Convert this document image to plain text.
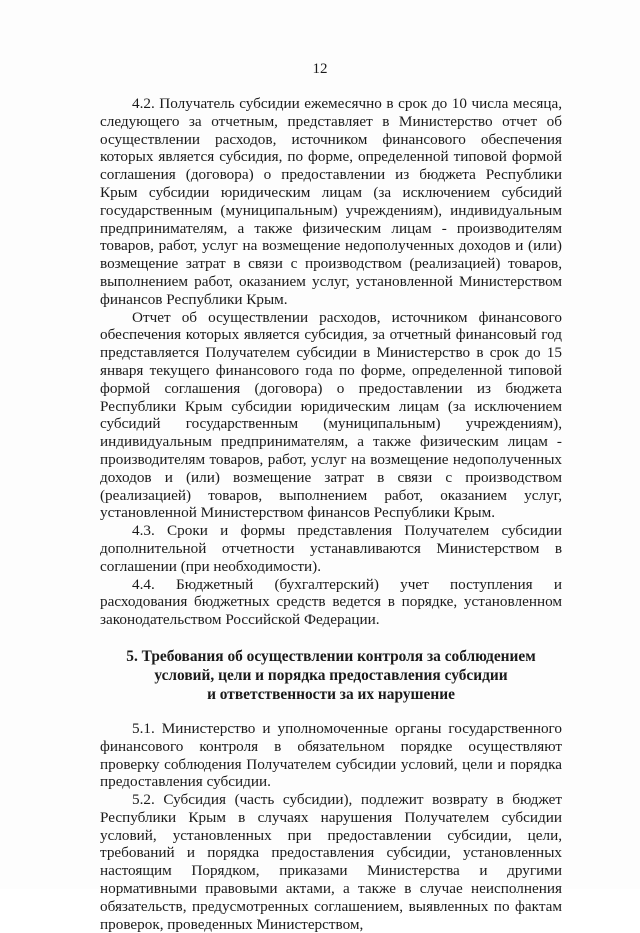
12

4.2. Получатель субсидии ежемесячно в срок до 10 числа месяца, следующего за отчетным, представляет в Министерство отчет об осуществлении расходов, источником финансового обеспечения которых является субсидия, по форме, определенной типовой формой соглашения (договора) о предоставлении из бюджета Республики Крым субсидии юридическим лицам (за исключением субсидий государственным (муниципальным) учреждениям), индивидуальным предпринимателям, а также физическим лицам - производителям товаров, работ, услуг на возмещение недополученных доходов и (или) возмещение затрат в связи с производством (реализацией) товаров, выполнением работ, оказанием услуг, установленной Министерством финансов Республики Крым.

Отчет об осуществлении расходов, источником финансового обеспечения которых является субсидия, за отчетный финансовый год представляется Получателем субсидии в Министерство в срок до 15 января текущего финансового года по форме, определенной типовой формой соглашения (договора) о предоставлении из бюджета Республики Крым субсидии юридическим лицам (за исключением субсидий государственным (муниципальным) учреждениям), индивидуальным предпринимателям, а также физическим лицам - производителям товаров, работ, услуг на возмещение недополученных доходов и (или) возмещение затрат в связи с производством (реализацией) товаров, выполнением работ, оказанием услуг, установленной Министерством финансов Республики Крым.

4.3. Сроки и формы представления Получателем субсидии дополнительной отчетности устанавливаются Министерством в соглашении (при необходимости).

4.4. Бюджетный (бухгалтерский) учет поступления и расходования бюджетных средств ведется в порядке, установленном законодательством Российской Федерации.

5. Требования об осуществлении контроля за соблюдением
условий, цели и порядка предоставления субсидии
и ответственности за их нарушение

5.1. Министерство и уполномоченные органы государственного финансового контроля в обязательном порядке осуществляют проверку соблюдения Получателем субсидии условий, цели и порядка предоставления субсидии.

5.2. Субсидия (часть субсидии), подлежит возврату в бюджет Республики Крым в случаях нарушения Получателем субсидии условий, установленных при предоставлении субсидии, цели, требований и порядка предоставления субсидии, установленных настоящим Порядком, приказами Министерства и другими нормативными правовыми актами, а также в случае неисполнения обязательств, предусмотренных соглашением, выявленных по фактам проверок, проведенных Министерством,
